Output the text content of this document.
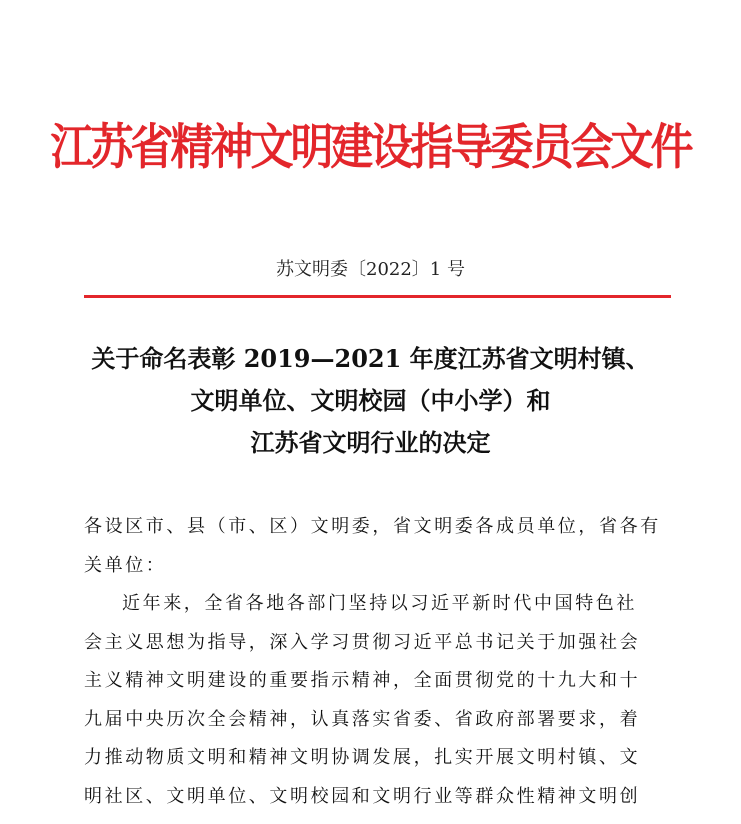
江苏省精神文明建设指导委员会文件
苏文明委〔2022〕1 号
关于命名表彰 2019—2021 年度江苏省文明村镇、
文明单位、文明校园（中小学）和
江苏省文明行业的决定
各设区市、县（市、区）文明委，省文明委各成员单位，省各有
关单位：
近年来，全省各地各部门坚持以习近平新时代中国特色社
会主义思想为指导，深入学习贯彻习近平总书记关于加强社会
主义精神文明建设的重要指示精神，全面贯彻党的十九大和十
九届中央历次全会精神，认真落实省委、省政府部署要求，着
力推动物质文明和精神文明协调发展，扎实开展文明村镇、文
明社区、文明单位、文明校园和文明行业等群众性精神文明创
